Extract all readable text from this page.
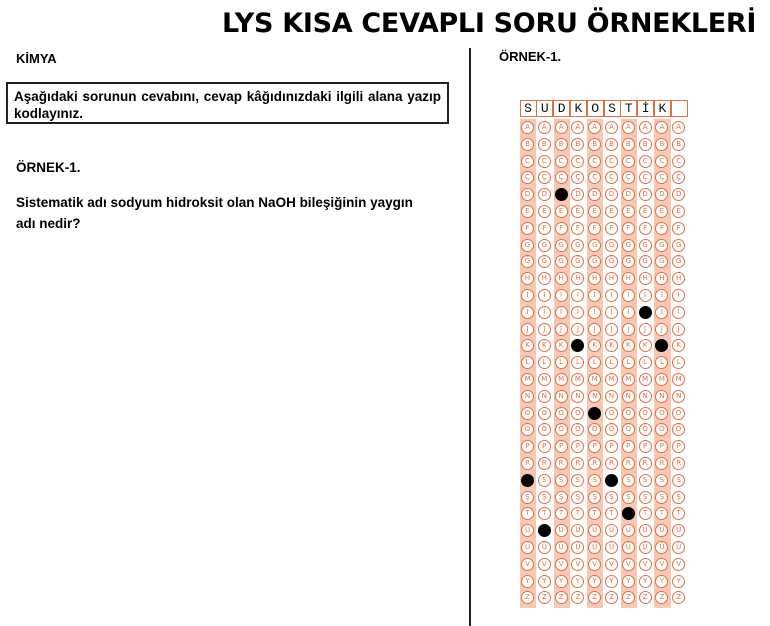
LYS KISA CEVAPLI SORU ÖRNEKLERİ
KİMYA
Aşağıdaki sorunun cevabını, cevap kâğıdınızdaki ilgili alana yazıp kodlayınız.
ÖRNEK-1.
Sistematik adı sodyum hidroksit olan NaOH bileşiğinin yaygın adı nedir?
ÖRNEK-1.
S U D K O S T İ K
A	A	A	A	A	A	A	A	A	A
B	B	B	B	B	B	B	B	B	B
C	C	C	C	C	C	C	C	C	C
Ç	Ç	Ç	Ç	Ç	Ç	Ç	Ç	Ç	Ç
D	D	D	D	D	D	D	D	D	D
E	E	E	E	E	E	E	E	E	E
F	F	F	F	F	F	F	F	F	F
G	G	G	G	G	G	G	G	G	G
Ğ	Ğ	Ğ	Ğ	Ğ	Ğ	Ğ	Ğ	Ğ	Ğ
H	H	H	H	H	H	H	H	H	H
I	I	I	I	I	I	I	I	I	I
İ	İ	İ	İ	İ	İ	İ	İ	İ	İ
J	J	J	J	J	J	J	J	J	J
K	K	K	K	K	K	K	K	K	K
L	L	L	L	L	L	L	L	L	L
M	M	M	M	M	M	M	M	M	M
N	N	N	N	N	N	N	N	N	N
O	O	O	O	O	O	O	O	O	O
Ö	Ö	Ö	Ö	Ö	Ö	Ö	Ö	Ö	Ö
P	P	P	P	P	P	P	P	P	P
R	R	R	R	R	R	R	R	R	R
S	S	S	S	S	S	S	S	S	S
Ş	Ş	Ş	Ş	Ş	Ş	Ş	Ş	Ş	Ş
T	T	T	T	T	T	T	T	T	T
U	U	U	U	U	U	U	U	U	U
Ü	Ü	Ü	Ü	Ü	Ü	Ü	Ü	Ü	Ü
V	V	V	V	V	V	V	V	V	V
Y	Y	Y	Y	Y	Y	Y	Y	Y	Y
Z	Z	Z	Z	Z	Z	Z	Z	Z	Z
